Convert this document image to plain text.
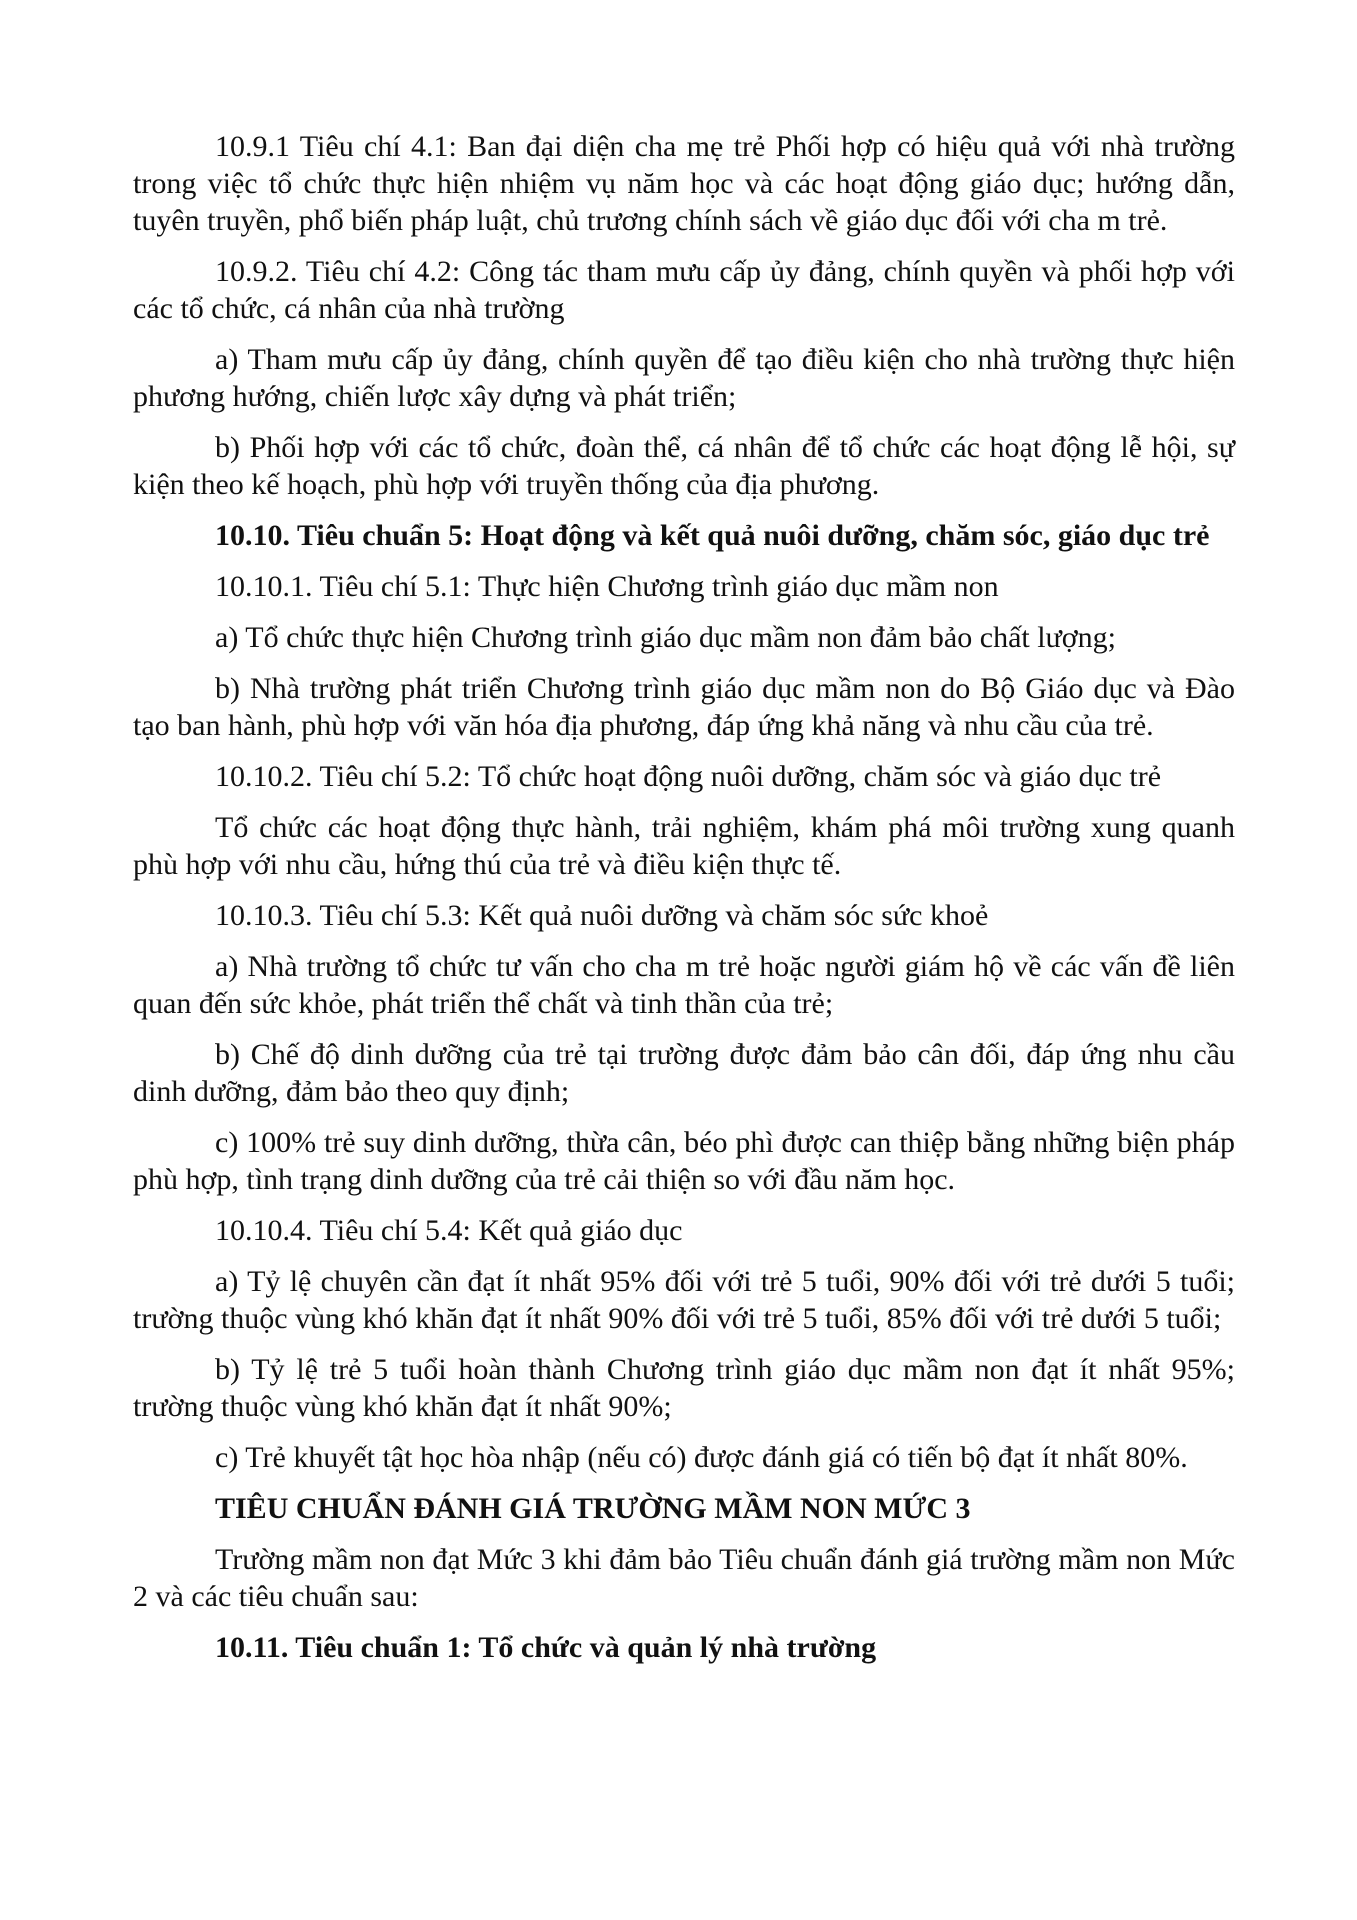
10.9.1 Tiêu chí 4.1: Ban đại diện cha mẹ trẻ Phối hợp có hiệu quả với nhà trường trong việc tổ chức thực hiện nhiệm vụ năm học và các hoạt động giáo dục; hướng dẫn, tuyên truyền, phổ biến pháp luật, chủ trương chính sách về giáo dục đối với cha m trẻ.

10.9.2. Tiêu chí 4.2: Công tác tham mưu cấp ủy đảng, chính quyền và phối hợp với các tổ chức, cá nhân của nhà trường

a) Tham mưu cấp ủy đảng, chính quyền để tạo điều kiện cho nhà trường thực hiện phương hướng, chiến lược xây dựng và phát triển;

b) Phối hợp với các tổ chức, đoàn thể, cá nhân để tổ chức các hoạt động lễ hội, sự kiện theo kế hoạch, phù hợp với truyền thống của địa phương.

10.10. Tiêu chuẩn 5: Hoạt động và kết quả nuôi dưỡng, chăm sóc, giáo dục trẻ

10.10.1. Tiêu chí 5.1: Thực hiện Chương trình giáo dục mầm non

a) Tổ chức thực hiện Chương trình giáo dục mầm non đảm bảo chất lượng;

b) Nhà trường phát triển Chương trình giáo dục mầm non do Bộ Giáo dục và Đào tạo ban hành, phù hợp với văn hóa địa phương, đáp ứng khả năng và nhu cầu của trẻ.

10.10.2. Tiêu chí 5.2: Tổ chức hoạt động nuôi dưỡng, chăm sóc và giáo dục trẻ

Tổ chức các hoạt động thực hành, trải nghiệm, khám phá môi trường xung quanh phù hợp với nhu cầu, hứng thú của trẻ và điều kiện thực tế.

10.10.3. Tiêu chí 5.3: Kết quả nuôi dưỡng và chăm sóc sức khoẻ

a) Nhà trường tổ chức tư vấn cho cha m trẻ hoặc người giám hộ về các vấn đề liên quan đến sức khỏe, phát triển thể chất và tinh thần của trẻ;

b) Chế độ dinh dưỡng của trẻ tại trường được đảm bảo cân đối, đáp ứng nhu cầu dinh dưỡng, đảm bảo theo quy định;

c) 100% trẻ suy dinh dưỡng, thừa cân, béo phì được can thiệp bằng những biện pháp phù hợp, tình trạng dinh dưỡng của trẻ cải thiện so với đầu năm học.

10.10.4. Tiêu chí 5.4: Kết quả giáo dục

a) Tỷ lệ chuyên cần đạt ít nhất 95% đối với trẻ 5 tuổi, 90% đối với trẻ dưới 5 tuổi; trường thuộc vùng khó khăn đạt ít nhất 90% đối với trẻ 5 tuổi, 85% đối với trẻ dưới 5 tuổi;

b) Tỷ lệ trẻ 5 tuổi hoàn thành Chương trình giáo dục mầm non đạt ít nhất 95%; trường thuộc vùng khó khăn đạt ít nhất 90%;

c) Trẻ khuyết tật học hòa nhập (nếu có) được đánh giá có tiến bộ đạt ít nhất 80%.

TIÊU CHUẨN ĐÁNH GIÁ TRƯỜNG MẦM NON MỨC 3

Trường mầm non đạt Mức 3 khi đảm bảo Tiêu chuẩn đánh giá trường mầm non Mức 2 và các tiêu chuẩn sau:

10.11. Tiêu chuẩn 1: Tổ chức và quản lý nhà trường
